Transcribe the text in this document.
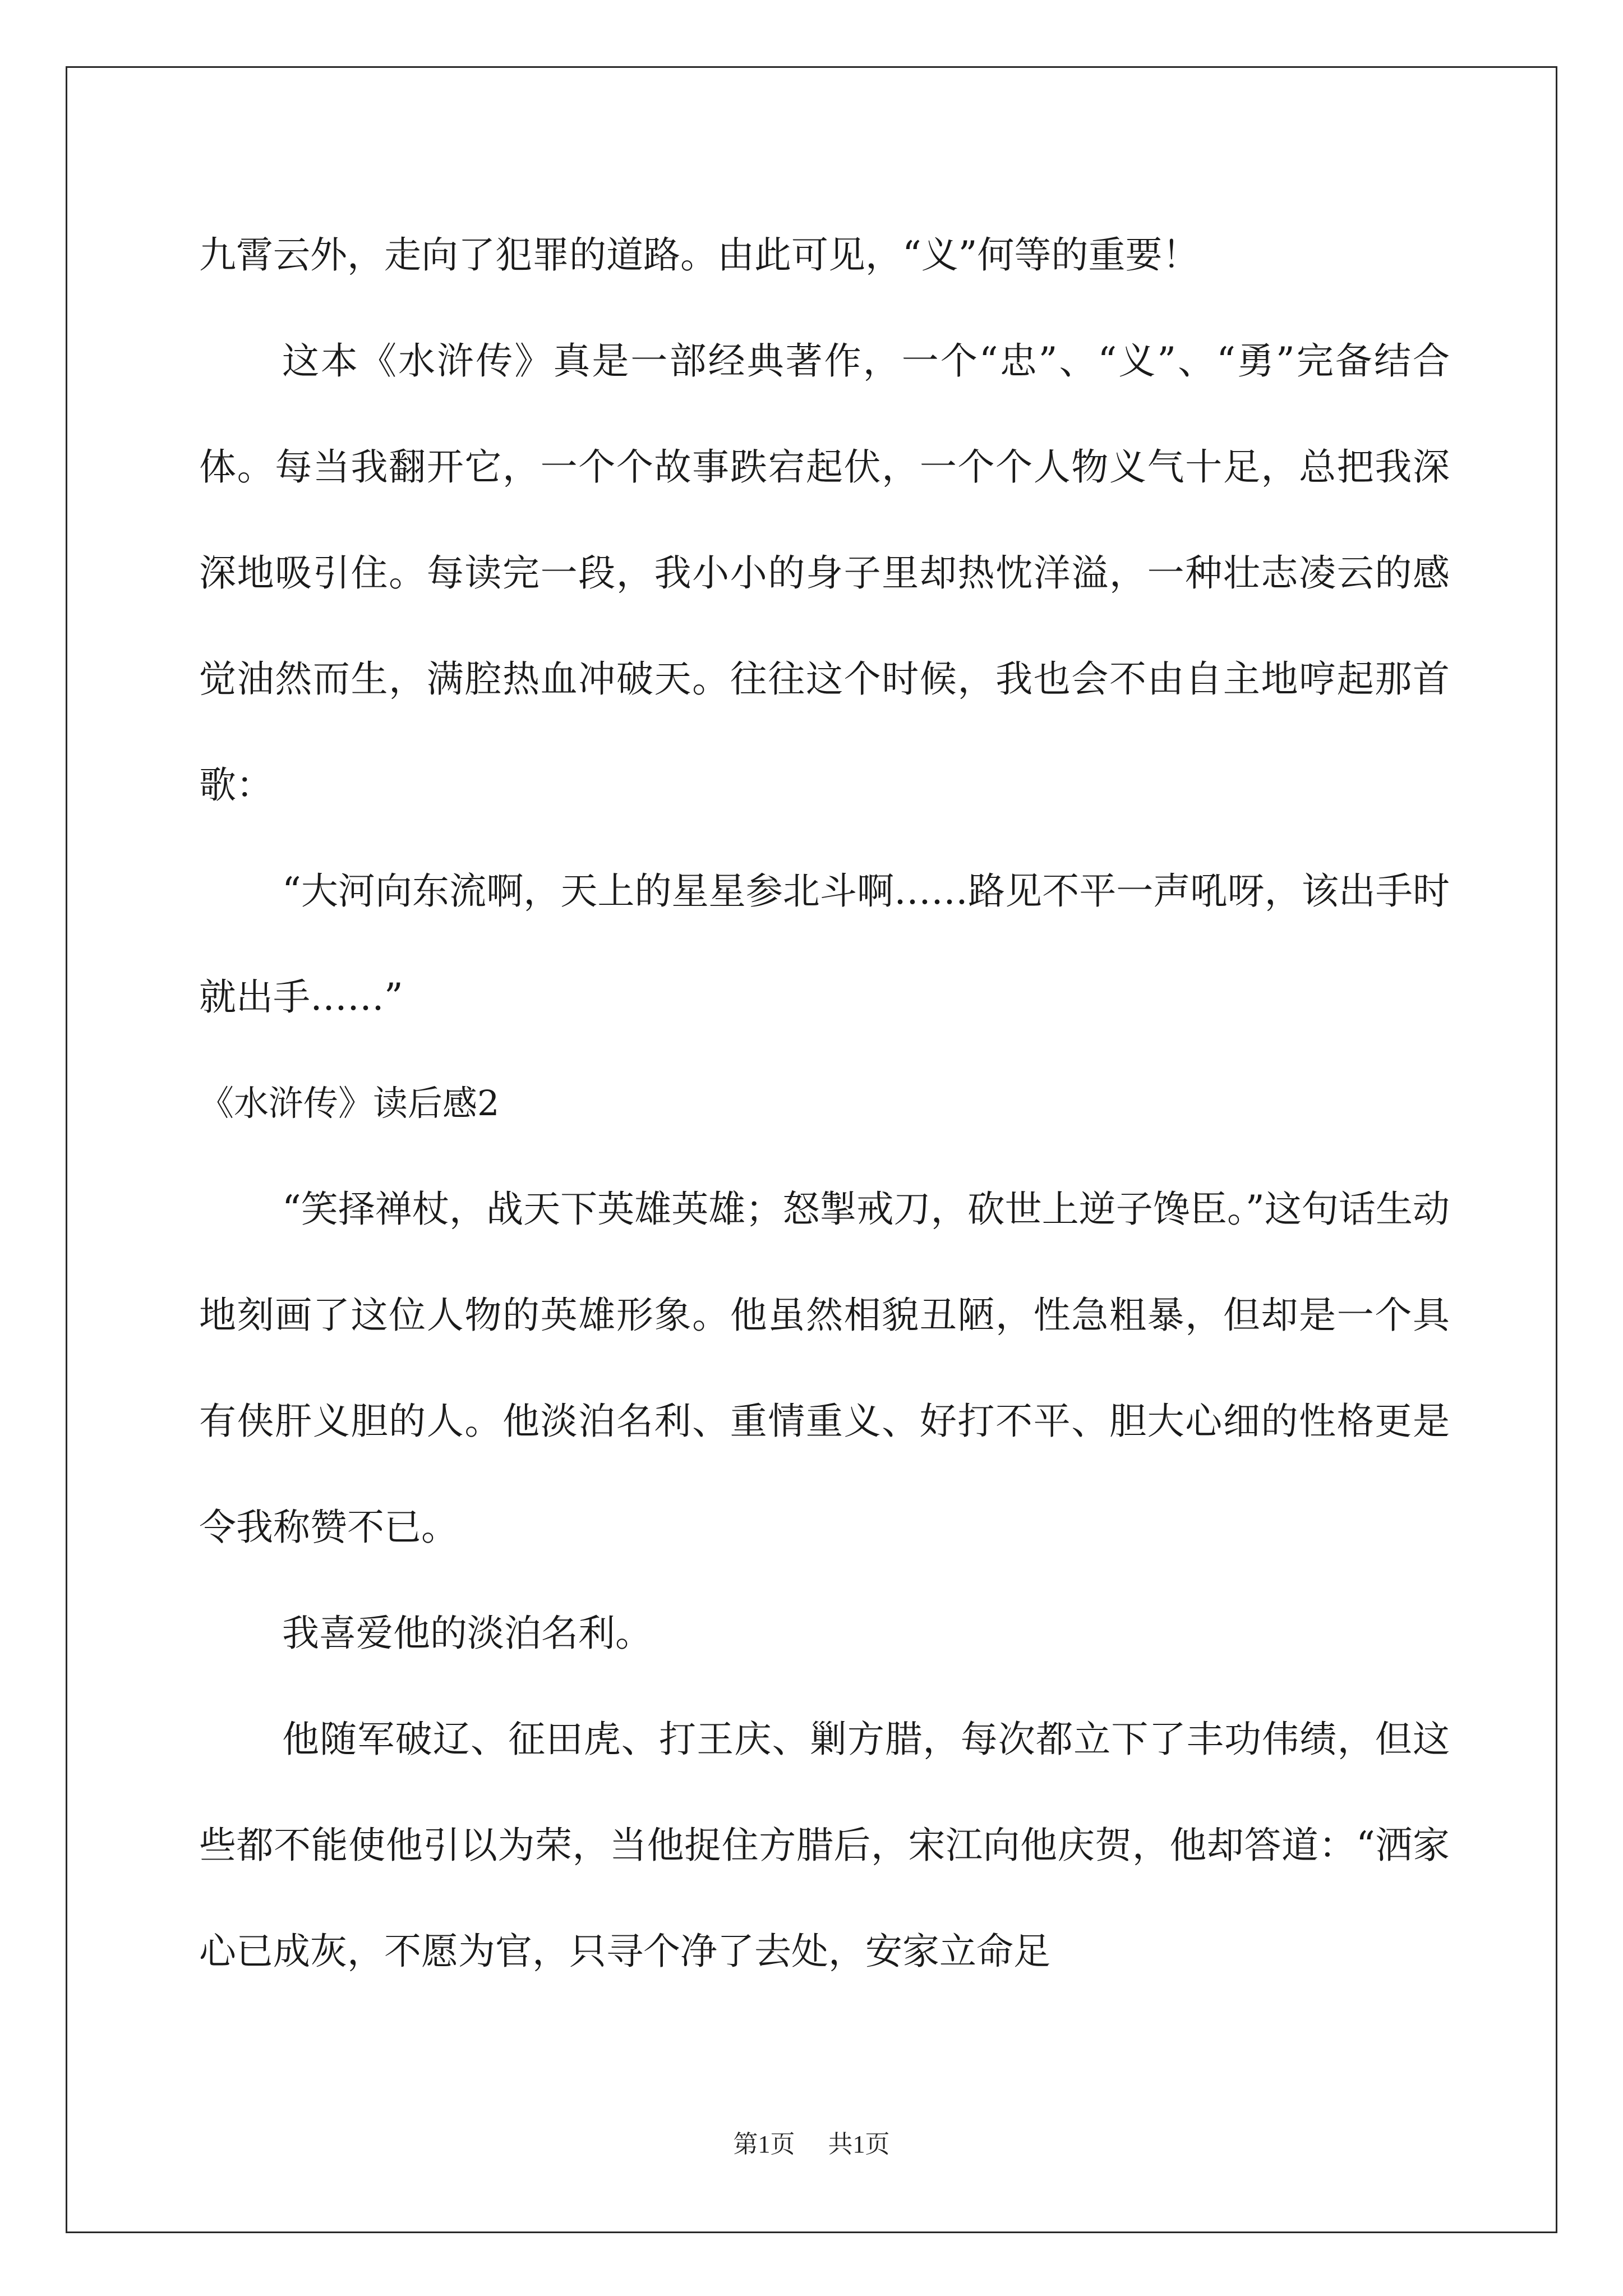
九霄云外，走向了犯罪的道路。由此可见，“义”何等的重要！

这本《水浒传》真是一部经典著作，一个“忠”、“义”、“勇”完备结合体。每当我翻开它，一个个故事跌宕起伏，一个个人物义气十足，总把我深深地吸引住。每读完一段，我小小的身子里却热忱洋溢，一种壮志凌云的感觉油然而生，满腔热血冲破天。往往这个时候，我也会不由自主地哼起那首歌：

“大河向东流啊，天上的星星参北斗啊……路见不平一声吼呀，该出手时就出手……”

《水浒传》读后感2

“笑择禅杖，战天下英雄英雄；怒掣戒刀，砍世上逆子馋臣。”这句话生动地刻画了这位人物的英雄形象。他虽然相貌丑陋，性急粗暴，但却是一个具有侠肝义胆的人。他淡泊名利、重情重义、好打不平、胆大心细的性格更是令我称赞不已。

我喜爱他的淡泊名利。

他随军破辽、征田虎、打王庆、剿方腊，每次都立下了丰功伟绩，但这些都不能使他引以为荣，当他捉住方腊后，宋江向他庆贺，他却答道：“洒家心已成灰，不愿为官，只寻个净了去处，安家立命足

第1页 共1页
